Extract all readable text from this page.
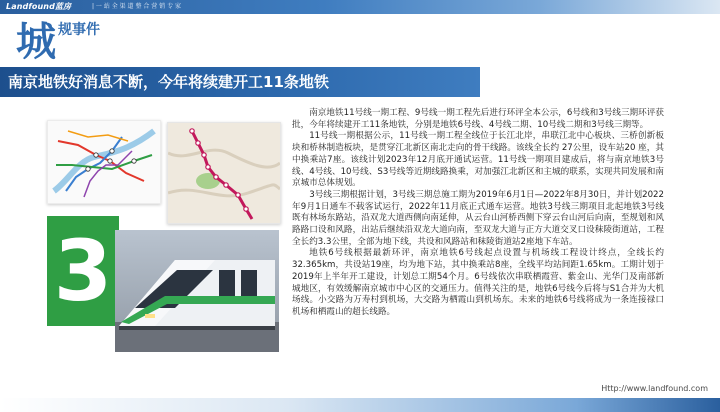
Landfound蓝房	| 一 站 全 渠 道 整 合 营 销 专 家
城 规事件
南京地铁好消息不断，今年将续建开工11条地铁
3

南京地铁11号线一期工程、9号线一期工程先后进行环评全本公示，6号线和3号线三期环评获批，今年将续建开工11条地铁，分别是地铁6号线、4号线二期、10号线二期和3号线三期等。

11号线一期根据公示，11号线一期工程全线位于长江北岸，串联江北中心板块、三桥创新板块和桥林制造板块，是贯穿江北新区南北走向的骨干线路。该线全长约 27公里，设车站20 座，其中换乘站7座。该线计划2023年12月底开通试运营。11号线一期项目建成后，将与南京地铁3号线、4号线、10号线、S3号线等近期线路换乘，对加强江北新区和主城的联系，实现共同发展和南京城市总体规划。

3号线三期根据计划，3号线三期总施工期为2019年6月1日—2022年8月30日，并计划2022年9月1日通车不载客试运行，2022年11月底正式通车运营。地铁3号线三期项目北起地铁3号线既有林场东路站，沿双龙大道西侧向南延伸，从云台山河桥西侧下穿云台山河后向南，至规划和风路路口设和风路，出站后继续沿双龙大道向南，至双龙大道与正方大道交叉口设秣陵街道站，工程全长约3.3公里，全部为地下线，共设和风路站和秣陵街道站2座地下车站。

地铁6号线根据最新环评，南京地铁6号线起点设置与机场线工程设计终点，全线长约32.365km，共设站19座，均为地下站，其中换乘站8座，全线平均站间距1.65km。工期计划于2019年上半年开工建设，计划总工期54个月。6号线依次串联栖霞营、紫金山、光华门及南部新城地区，有效缓解南京城市中心区的交通压力。值得关注的是，地铁6号线今后将与S1合并为大机场线。小交路为万寿村到机场，大交路为栖霞山到机场东。未来的地铁6号线将成为一条连接禄口机场和栖霞山的超长线路。

Http://www.landfound.com
